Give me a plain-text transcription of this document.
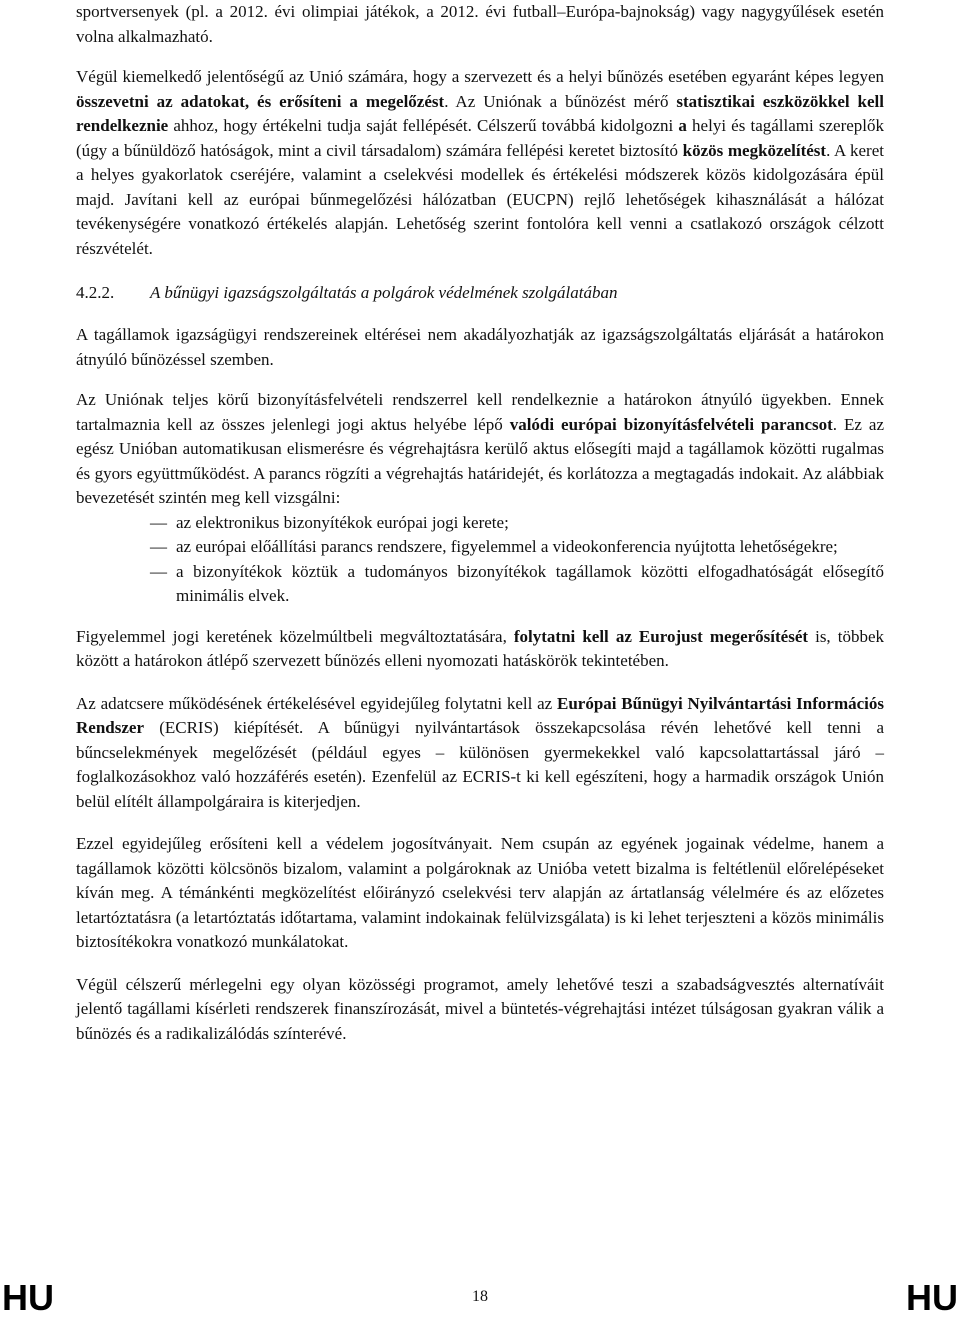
sportversenyek (pl. a 2012. évi olimpiai játékok, a 2012. évi futball–Európa-bajnokság) vagy nagygyűlések esetén volna alkalmazható.

Végül kiemelkedő jelentőségű az Unió számára, hogy a szervezett és a helyi bűnözés esetében egyaránt képes legyen összevetni az adatokat, és erősíteni a megelőzést. Az Uniónak a bűnözést mérő statisztikai eszközökkel kell rendelkeznie ahhoz, hogy értékelni tudja saját fellépését. Célszerű továbbá kidolgozni a helyi és tagállami szereplők (úgy a bűnüldöző hatóságok, mint a civil társadalom) számára fellépési keretet biztosító közös megközelítést. A keret a helyes gyakorlatok cseréjére, valamint a cselekvési modellek és értékelési módszerek közös kidolgozására épül majd. Javítani kell az európai bűnmegelőzési hálózatban (EUCPN) rejlő lehetőségek kihasználását a hálózat tevékenységére vonatkozó értékelés alapján. Lehetőség szerint fontolóra kell venni a csatlakozó országok célzott részvételét.

4.2.2. A bűnügyi igazságszolgáltatás a polgárok védelmének szolgálatában

A tagállamok igazságügyi rendszereinek eltérései nem akadályozhatják az igazságszolgáltatás eljárását a határokon átnyúló bűnözéssel szemben.

Az Uniónak teljes körű bizonyításfelvételi rendszerrel kell rendelkeznie a határokon átnyúló ügyekben. Ennek tartalmaznia kell az összes jelenlegi jogi aktus helyébe lépő valódi európai bizonyításfelvételi parancsot. Ez az egész Unióban automatikusan elismerésre és végrehajtásra kerülő aktus elősegíti majd a tagállamok közötti rugalmas és gyors együttműködést. A parancs rögzíti a végrehajtás határidejét, és korlátozza a megtagadás indokait. Az alábbiak bevezetését szintén meg kell vizsgálni:

— az elektronikus bizonyítékok európai jogi kerete;
— az európai előállítási parancs rendszere, figyelemmel a videokonferencia nyújtotta lehetőségekre;
— a bizonyítékok köztük a tudományos bizonyítékok tagállamok közötti elfogadhatóságát elősegítő minimális elvek.

Figyelemmel jogi keretének közelmúltbeli megváltoztatására, folytatni kell az Eurojust megerősítését is, többek között a határokon átlépő szervezett bűnözés elleni nyomozati hatáskörök tekintetében.

Az adatcsere működésének értékelésével egyidejűleg folytatni kell az Európai Bűnügyi Nyilvántartási Információs Rendszer (ECRIS) kiépítését. A bűnügyi nyilvántartások összekapcsolása révén lehetővé kell tenni a bűncselekmények megelőzését (például egyes – különösen gyermekekkel való kapcsolattartással járó – foglalkozásokhoz való hozzáférés esetén). Ezenfelül az ECRIS-t ki kell egészíteni, hogy a harmadik országok Unión belül elítélt állampolgáraira is kiterjedjen.

Ezzel egyidejűleg erősíteni kell a védelem jogosítványait. Nem csupán az egyének jogainak védelme, hanem a tagállamok közötti kölcsönös bizalom, valamint a polgároknak az Unióba vetett bizalma is feltétlenül előrelépéseket kíván meg. A témánkénti megközelítést előirányzó cselekvési terv alapján az ártatlanság vélelmére és az előzetes letartóztatásra (a letartóztatás időtartama, valamint indokainak felülvizsgálata) is ki lehet terjeszteni a közös minimális biztosítékokra vonatkozó munkálatokat.

Végül célszerű mérlegelni egy olyan közösségi programot, amely lehetővé teszi a szabadságvesztés alternatíváit jelentő tagállami kísérleti rendszerek finanszírozását, mivel a büntetés-végrehajtási intézet túlságosan gyakran válik a bűnözés és a radikalizálódás színterévé.

HU	18	HU
